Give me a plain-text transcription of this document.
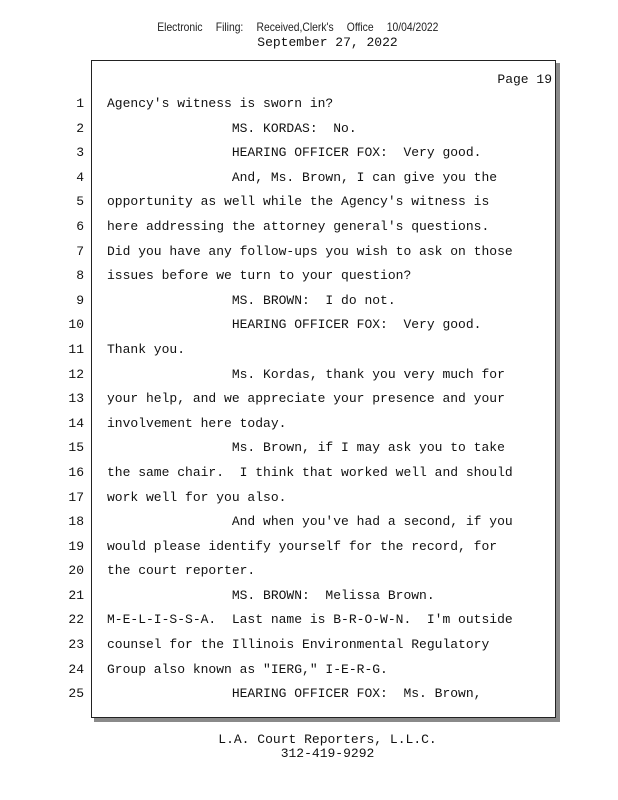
Electronic Filing: Received,Clerk's Office 10/04/2022
September 27, 2022
Page 19
1 Agency's witness is sworn in?
2 MS. KORDAS:  No.
3 HEARING OFFICER FOX:  Very good.
4 And, Ms. Brown, I can give you the
5 opportunity as well while the Agency's witness is
6 here addressing the attorney general's questions.
7 Did you have any follow-ups you wish to ask on those
8 issues before we turn to your question?
9 MS. BROWN:  I do not.
10 HEARING OFFICER FOX:  Very good.
11 Thank you.
12 Ms. Kordas, thank you very much for
13 your help, and we appreciate your presence and your
14 involvement here today.
15 Ms. Brown, if I may ask you to take
16 the same chair.  I think that worked well and should
17 work well for you also.
18 And when you've had a second, if you
19 would please identify yourself for the record, for
20 the court reporter.
21 MS. BROWN:  Melissa Brown.
22 M-E-L-I-S-S-A.  Last name is B-R-O-W-N.  I'm outside
23 counsel for the Illinois Environmental Regulatory
24 Group also known as "IERG," I-E-R-G.
25 HEARING OFFICER FOX:  Ms. Brown,
L.A. Court Reporters, L.L.C.
312-419-9292
